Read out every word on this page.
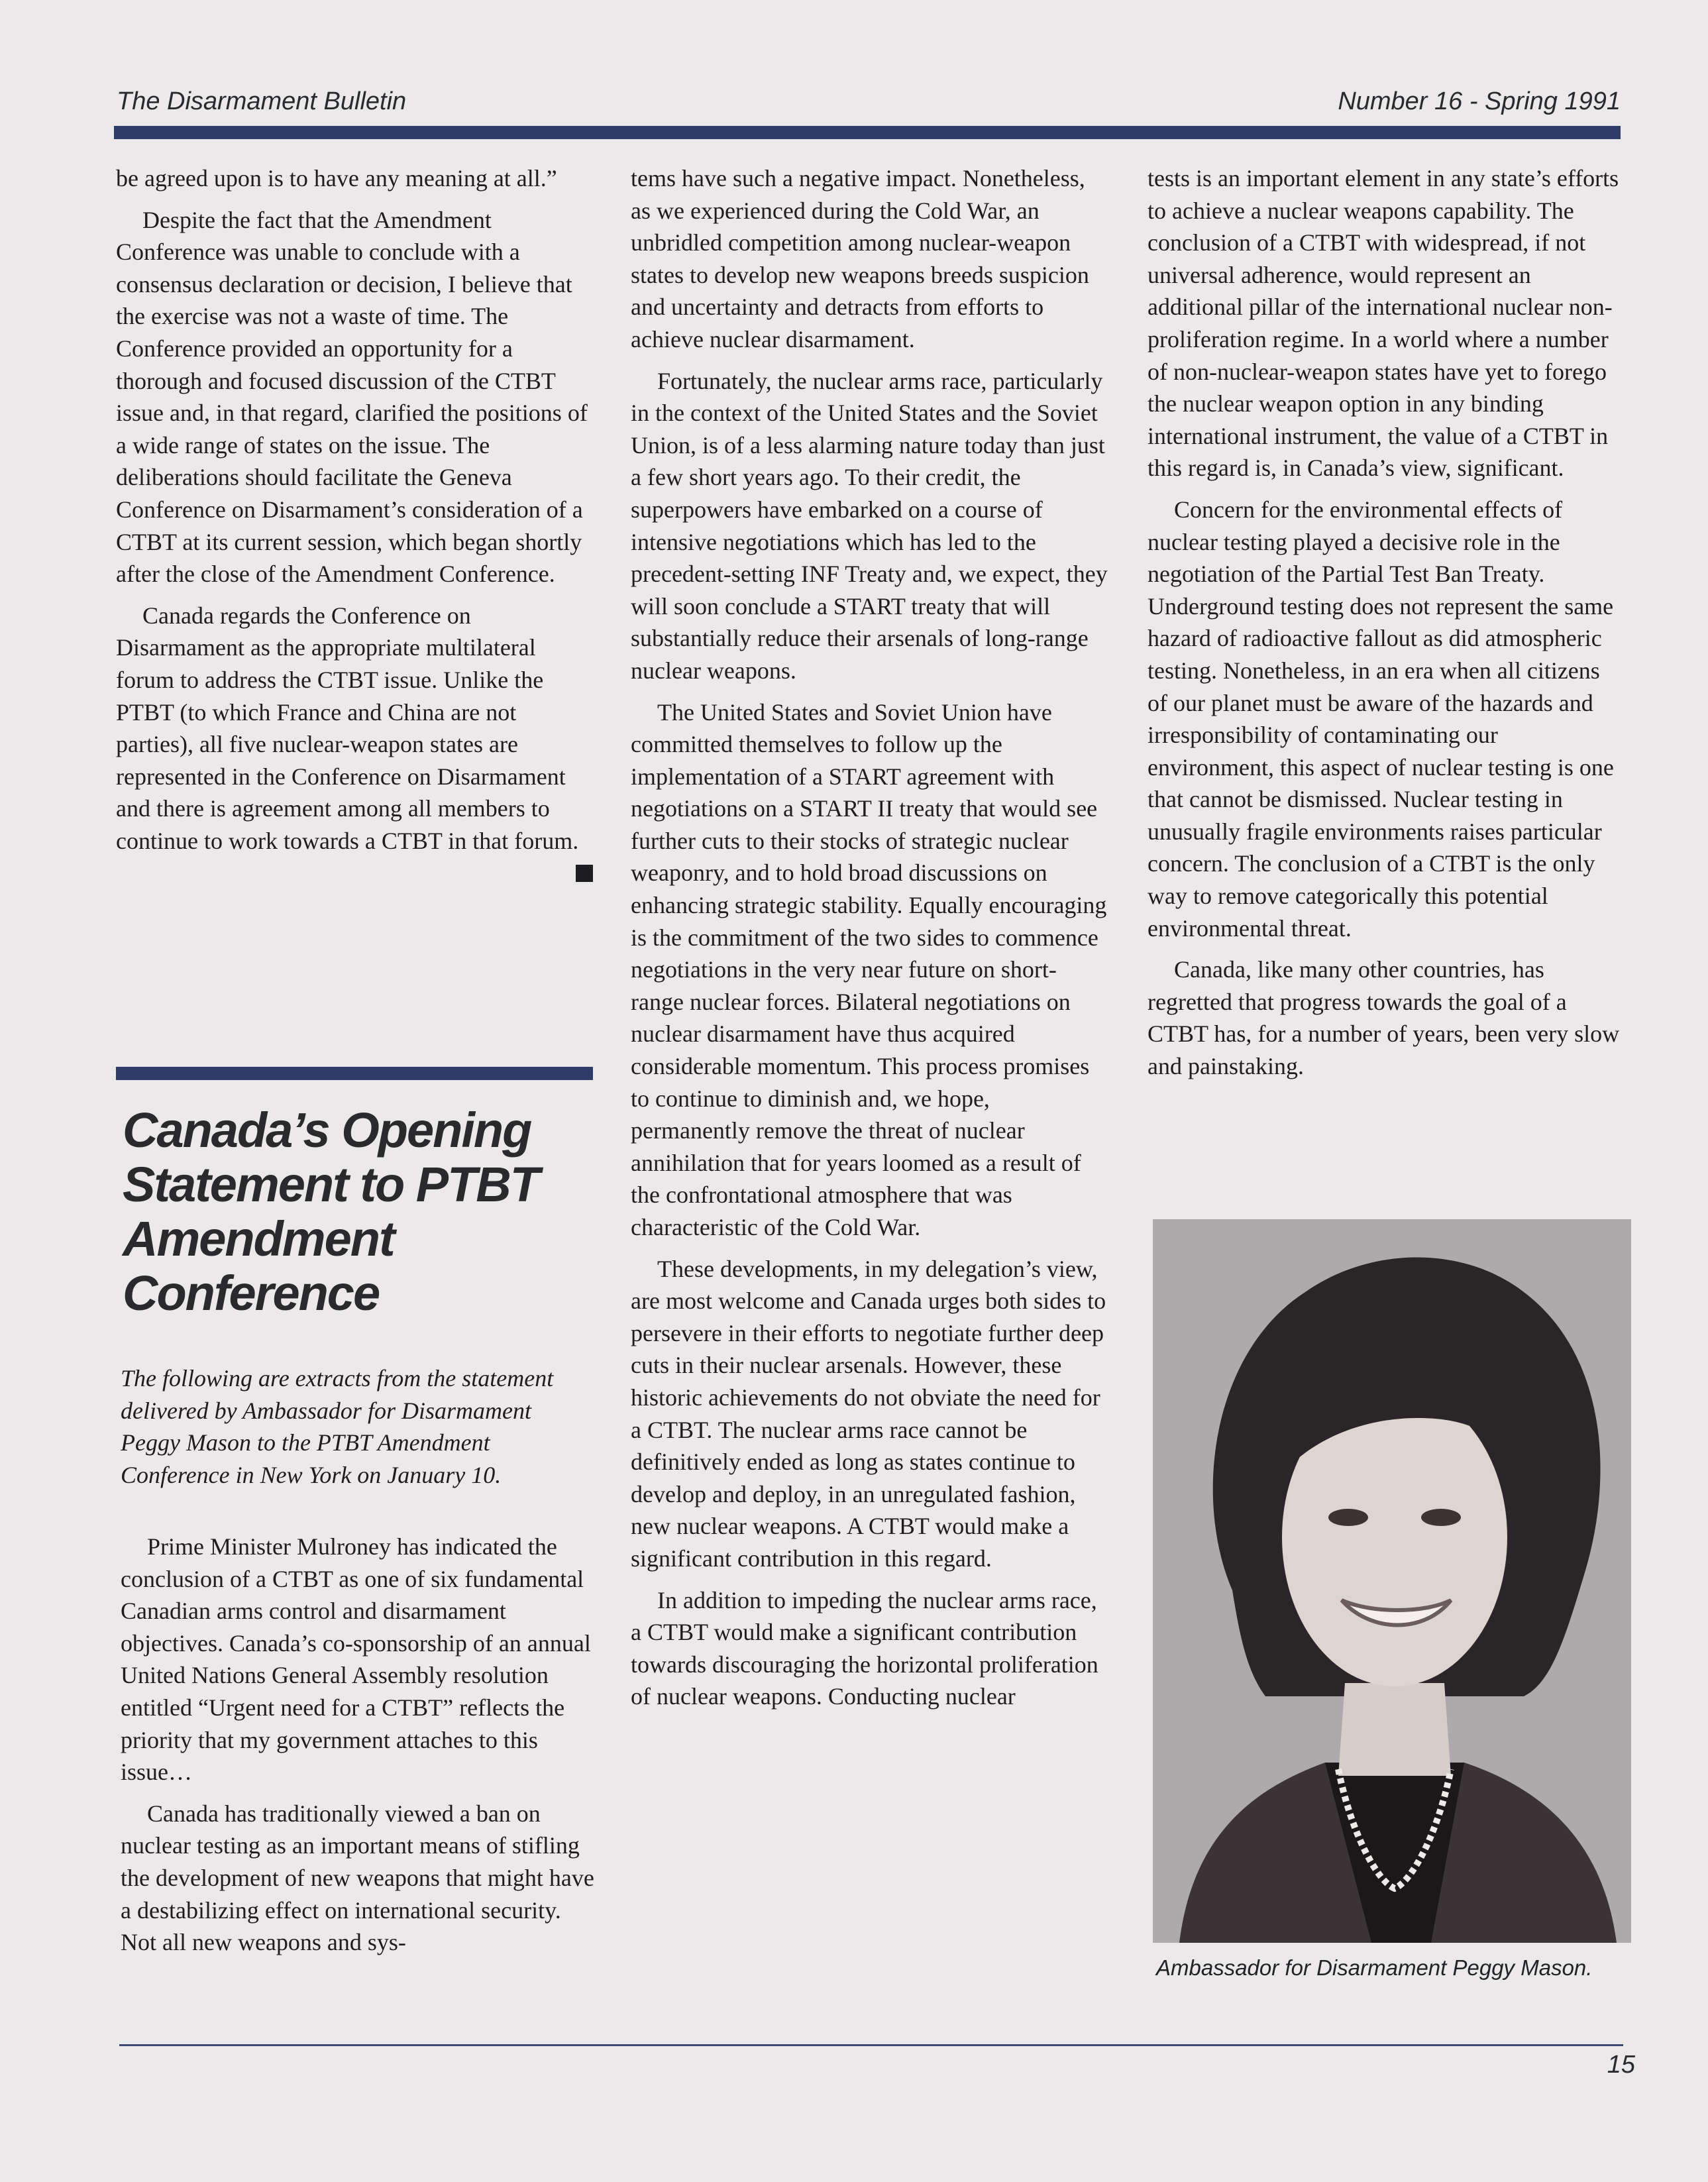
The Disarmament Bulletin	Number 16 - Spring 1991

be agreed upon is to have any meaning at all.”

Despite the fact that the Amendment Conference was unable to conclude with a consensus declaration or decision, I believe that the exercise was not a waste of time. The Conference provided an opportunity for a thorough and focused discussion of the CTBT issue and, in that regard, clarified the positions of a wide range of states on the issue. The deliberations should facilitate the Geneva Conference on Disarmament’s consideration of a CTBT at its current session, which began shortly after the close of the Amendment Conference.

Canada regards the Conference on Disarmament as the appropriate multilateral forum to address the CTBT issue. Unlike the PTBT (to which France and China are not parties), all five nuclear-weapon states are represented in the Conference on Disarmament and there is agreement among all members to continue to work towards a CTBT in that forum.

Canada’s Opening Statement to PTBT Amendment Conference

The following are extracts from the statement delivered by Ambassador for Disarmament Peggy Mason to the PTBT Amendment Conference in New York on January 10.

Prime Minister Mulroney has indicated the conclusion of a CTBT as one of six fundamental Canadian arms control and disarmament objectives. Canada’s co-sponsorship of an annual United Nations General Assembly resolution entitled “Urgent need for a CTBT” reflects the priority that my government attaches to this issue…

Canada has traditionally viewed a ban on nuclear testing as an important means of stifling the development of new weapons that might have a destabilizing effect on international security. Not all new weapons and sys-

tems have such a negative impact. Nonetheless, as we experienced during the Cold War, an unbridled competition among nuclear-weapon states to develop new weapons breeds suspicion and uncertainty and detracts from efforts to achieve nuclear disarmament.

Fortunately, the nuclear arms race, particularly in the context of the United States and the Soviet Union, is of a less alarming nature today than just a few short years ago. To their credit, the superpowers have embarked on a course of intensive negotiations which has led to the precedent-setting INF Treaty and, we expect, they will soon conclude a START treaty that will substantially reduce their arsenals of long-range nuclear weapons.

The United States and Soviet Union have committed themselves to follow up the implementation of a START agreement with negotiations on a START II treaty that would see further cuts to their stocks of strategic nuclear weaponry, and to hold broad discussions on enhancing strategic stability. Equally encouraging is the commitment of the two sides to commence negotiations in the very near future on short-range nuclear forces. Bilateral negotiations on nuclear disarmament have thus acquired considerable momentum. This process promises to continue to diminish and, we hope, permanently remove the threat of nuclear annihilation that for years loomed as a result of the confrontational atmosphere that was characteristic of the Cold War.

These developments, in my delegation’s view, are most welcome and Canada urges both sides to persevere in their efforts to negotiate further deep cuts in their nuclear arsenals. However, these historic achievements do not obviate the need for a CTBT. The nuclear arms race cannot be definitively ended as long as states continue to develop and deploy, in an unregulated fashion, new nuclear weapons. A CTBT would make a significant contribution in this regard.

In addition to impeding the nuclear arms race, a CTBT would make a significant contribution towards discouraging the horizontal proliferation of nuclear weapons. Conducting nuclear

tests is an important element in any state’s efforts to achieve a nuclear weapons capability. The conclusion of a CTBT with widespread, if not universal adherence, would represent an additional pillar of the international nuclear non-proliferation regime. In a world where a number of non-nuclear-weapon states have yet to forego the nuclear weapon option in any binding international instrument, the value of a CTBT in this regard is, in Canada’s view, significant.

Concern for the environmental effects of nuclear testing played a decisive role in the negotiation of the Partial Test Ban Treaty. Underground testing does not represent the same hazard of radioactive fallout as did atmospheric testing. Nonetheless, in an era when all citizens of our planet must be aware of the hazards and irresponsibility of contaminating our environment, this aspect of nuclear testing is one that cannot be dismissed. Nuclear testing in unusually fragile environments raises particular concern. The conclusion of a CTBT is the only way to remove categorically this potential environmental threat.

Canada, like many other countries, has regretted that progress towards the goal of a CTBT has, for a number of years, been very slow and painstaking.

Ambassador for Disarmament Peggy Mason.
15
